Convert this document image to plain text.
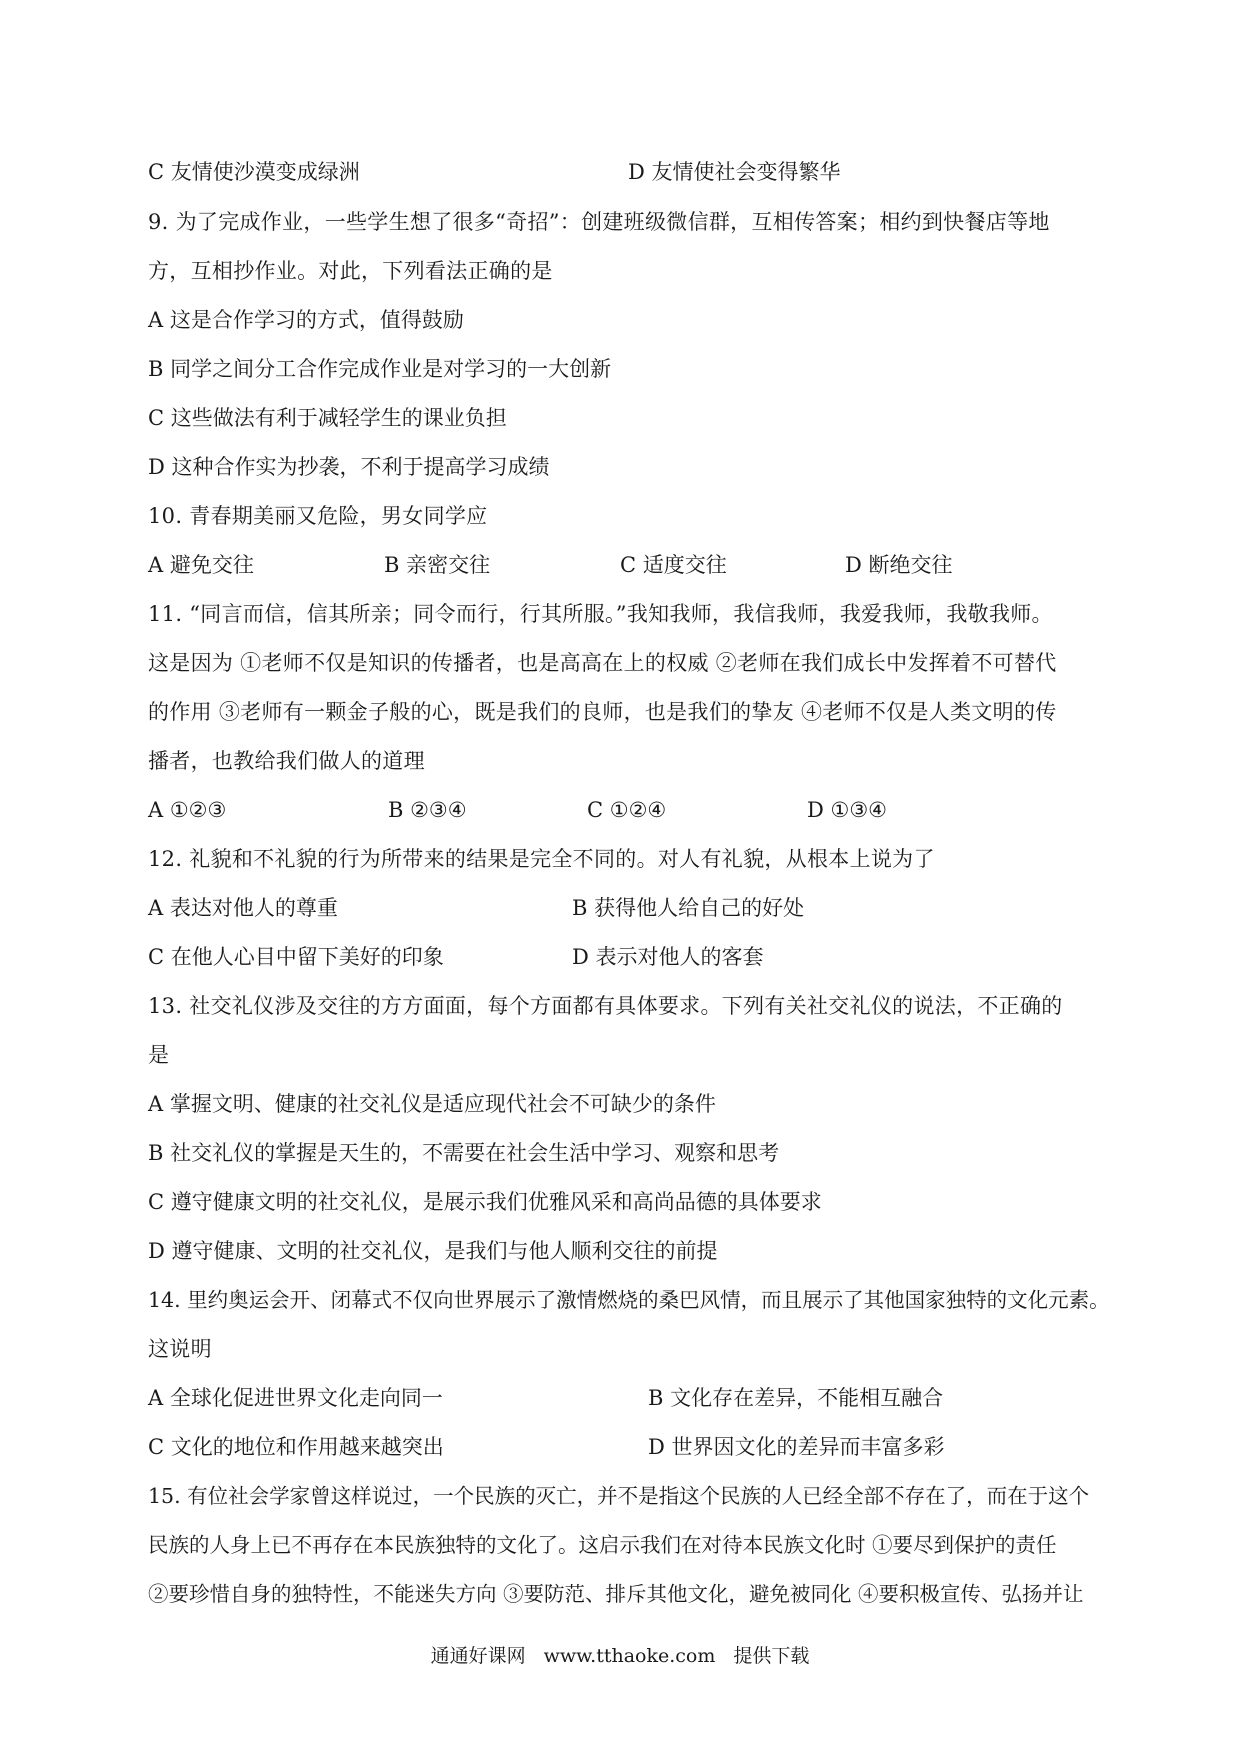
C 友情使沙漠变成绿洲	D 友情使社会变得繁华
9. 为了完成作业，一些学生想了很多“奇招”：创建班级微信群，互相传答案；相约到快餐店等地
方，互相抄作业。对此，下列看法正确的是
A 这是合作学习的方式，值得鼓励
B 同学之间分工合作完成作业是对学习的一大创新
C 这些做法有利于减轻学生的课业负担
D 这种合作实为抄袭，不利于提高学习成绩
10. 青春期美丽又危险，男女同学应
A 避免交往	B 亲密交往	C 适度交往	D 断绝交往
11. “同言而信，信其所亲；同令而行，行其所服。”我知我师，我信我师，我爱我师，我敬我师。
这是因为 ①老师不仅是知识的传播者，也是高高在上的权威 ②老师在我们成长中发挥着不可替代
的作用 ③老师有一颗金子般的心，既是我们的良师，也是我们的挚友 ④老师不仅是人类文明的传
播者，也教给我们做人的道理
A ①②③	B ②③④	C ①②④	D ①③④
12. 礼貌和不礼貌的行为所带来的结果是完全不同的。对人有礼貌，从根本上说为了
A 表达对他人的尊重	B 获得他人给自己的好处
C 在他人心目中留下美好的印象	D 表示对他人的客套
13. 社交礼仪涉及交往的方方面面，每个方面都有具体要求。下列有关社交礼仪的说法，不正确的
是
A 掌握文明、健康的社交礼仪是适应现代社会不可缺少的条件
B 社交礼仪的掌握是天生的，不需要在社会生活中学习、观察和思考
C 遵守健康文明的社交礼仪，是展示我们优雅风采和高尚品德的具体要求
D 遵守健康、文明的社交礼仪，是我们与他人顺利交往的前提
14. 里约奥运会开、闭幕式不仅向世界展示了激情燃烧的桑巴风情，而且展示了其他国家独特的文化元素。
这说明
A 全球化促进世界文化走向同一	B 文化存在差异，不能相互融合
C 文化的地位和作用越来越突出	D 世界因文化的差异而丰富多彩
15. 有位社会学家曾这样说过，一个民族的灭亡，并不是指这个民族的人已经全部不存在了，而在于这个
民族的人身上已不再存在本民族独特的文化了。这启示我们在对待本民族文化时 ①要尽到保护的责任
②要珍惜自身的独特性，不能迷失方向 ③要防范、排斥其他文化，避免被同化 ④要积极宣传、弘扬并让
通通好课网 www.tthaoke.com 提供下载
